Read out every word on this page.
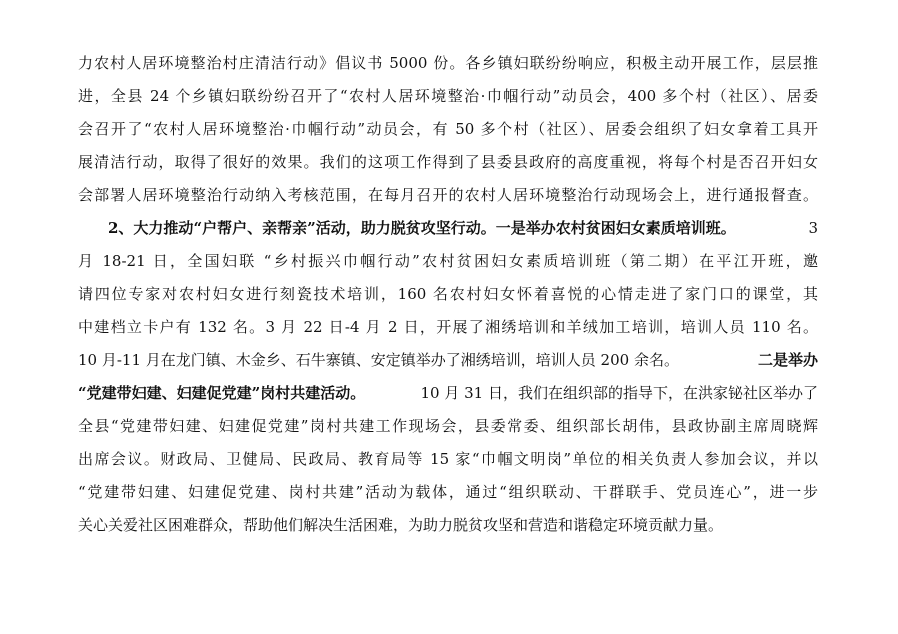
力农村人居环境整治村庄清洁行动》倡议书 5000 份。各乡镇妇联纷纷响应，积极主动开展工作，层层推
进，全县 24 个乡镇妇联纷纷召开了“农村人居环境整治·巾帼行动”动员会，400 多个村（社区）、居委
会召开了“农村人居环境整治·巾帼行动”动员会，有 50 多个村（社区）、居委会组织了妇女拿着工具开
展清洁行动，取得了很好的效果。我们的这项工作得到了县委县政府的高度重视，将每个村是否召开妇女
会部署人居环境整治行动纳入考核范围，在每月召开的农村人居环境整治行动现场会上，进行通报督查。
2、大力推动“户帮户、亲帮亲”活动，助力脱贫攻坚行动。一是举办农村贫困妇女素质培训班。	3
月 18-21 日，全国妇联 “乡村振兴巾帼行动”农村贫困妇女素质培训班（第二期）在平江开班，邀
请四位专家对农村妇女进行刻瓷技术培训，160 名农村妇女怀着喜悦的心情走进了家门口的课堂，其
中建档立卡户有 132 名。3 月 22 日-4 月 2 日，开展了湘绣培训和羊绒加工培训，培训人员 110 名。
10 月-11 月在龙门镇、木金乡、石牛寨镇、安定镇举办了湘绣培训，培训人员 200 余名。	二是举办
“党建带妇建、妇建促党建”岗村共建活动。	10 月 31 日，我们在组织部的指导下，在洪家铋社区举办了
全县“党建带妇建、妇建促党建”岗村共建工作现场会，县委常委、组织部长胡伟，县政协副主席周晓辉
出席会议。财政局、卫健局、民政局、教育局等 15 家“巾帼文明岗”单位的相关负责人参加会议，并以
“党建带妇建、妇建促党建、岗村共建”活动为载体，通过“组织联动、干群联手、党员连心”，进一步
关心关爱社区困难群众，帮助他们解决生活困难，为助力脱贫攻坚和营造和谐稳定环境贡献力量。
